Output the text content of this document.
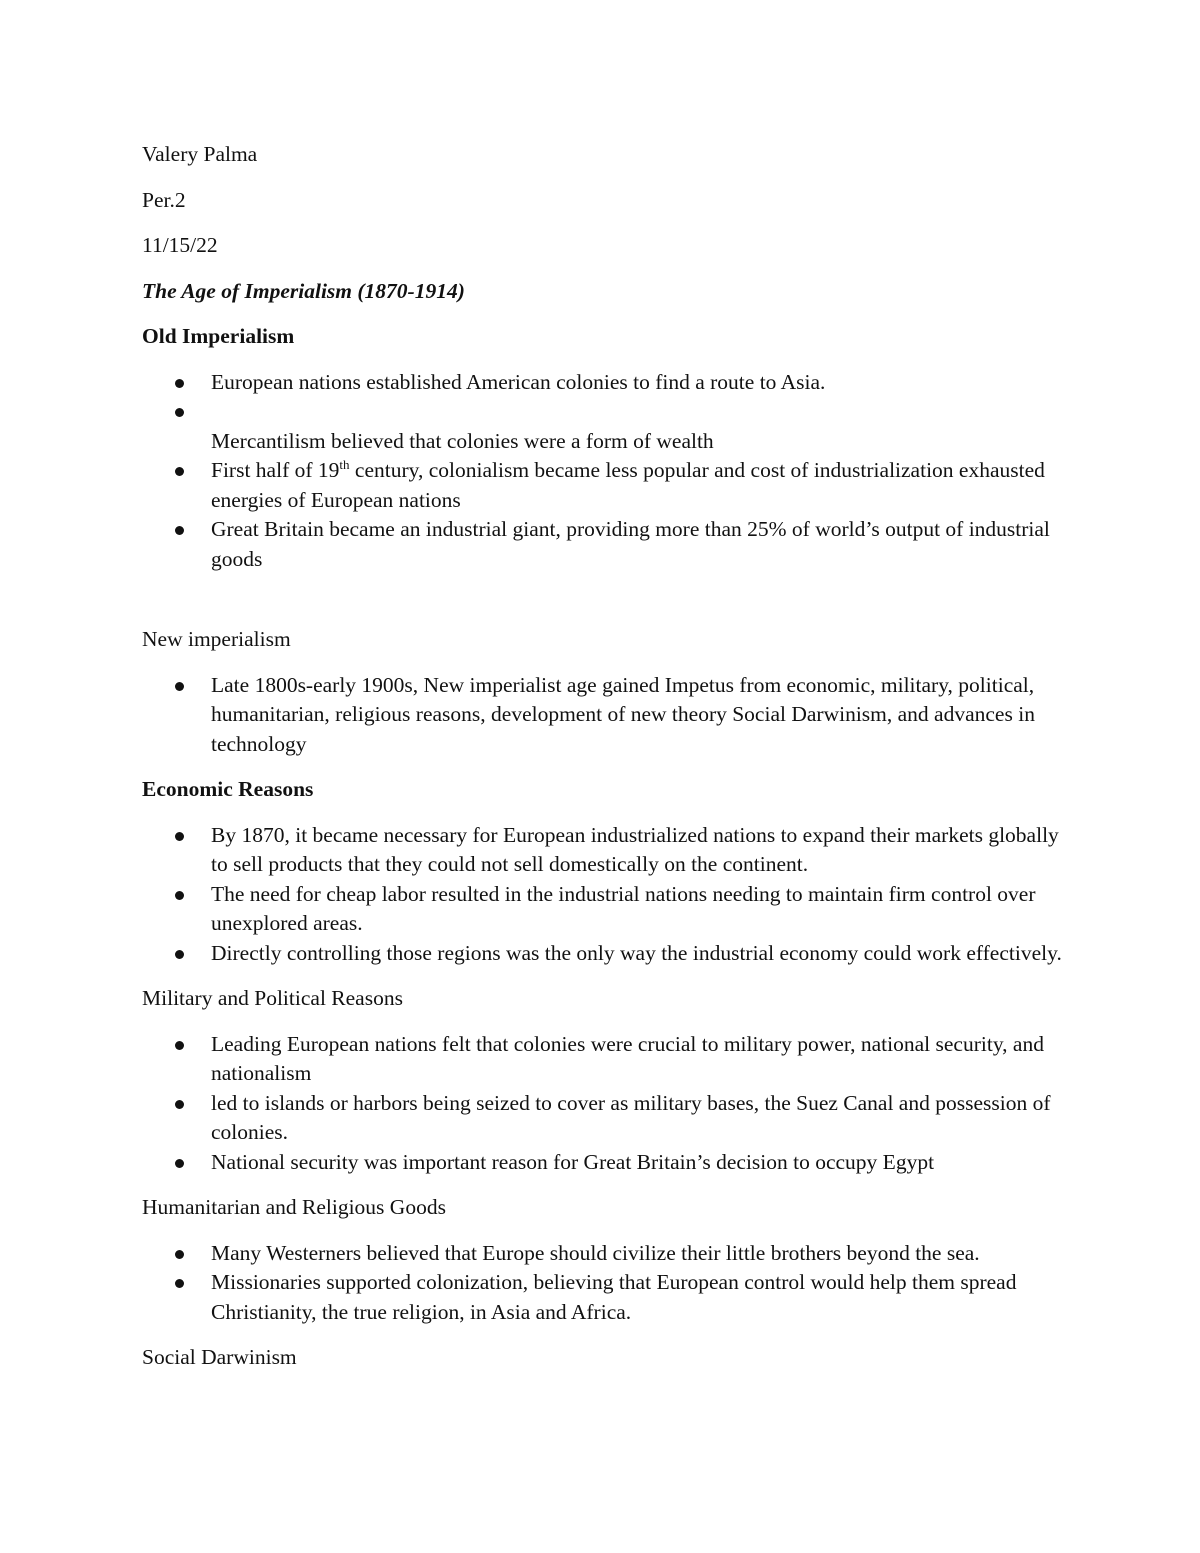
Valery Palma

Per.2

11/15/22

The Age of Imperialism (1870-1914)

Old Imperialism

European nations established American colonies to find a route to Asia.
Mercantilism believed that colonies were a form of wealth
First half of 19th century, colonialism became less popular and cost of industrialization exhausted energies of European nations
Great Britain became an industrial giant, providing more than 25% of world’s output of industrial goods

New imperialism

Late 1800s-early 1900s, New imperialist age gained Impetus from economic, military, political, humanitarian, religious reasons, development of new theory Social Darwinism, and advances in technology

Economic Reasons

By 1870, it became necessary for European industrialized nations to expand their markets globally to sell products that they could not sell domestically on the continent.
The need for cheap labor resulted in the industrial nations needing to maintain firm control over unexplored areas.
Directly controlling those regions was the only way the industrial economy could work effectively.

Military and Political Reasons

Leading European nations felt that colonies were crucial to military power, national security, and nationalism
led to islands or harbors being seized to cover as military bases, the Suez Canal and possession of colonies.
National security was important reason for Great Britain’s decision to occupy Egypt

Humanitarian and Religious Goods

Many Westerners believed that Europe should civilize their little brothers beyond the sea.
Missionaries supported colonization, believing that European control would help them spread Christianity, the true religion, in Asia and Africa.

Social Darwinism
